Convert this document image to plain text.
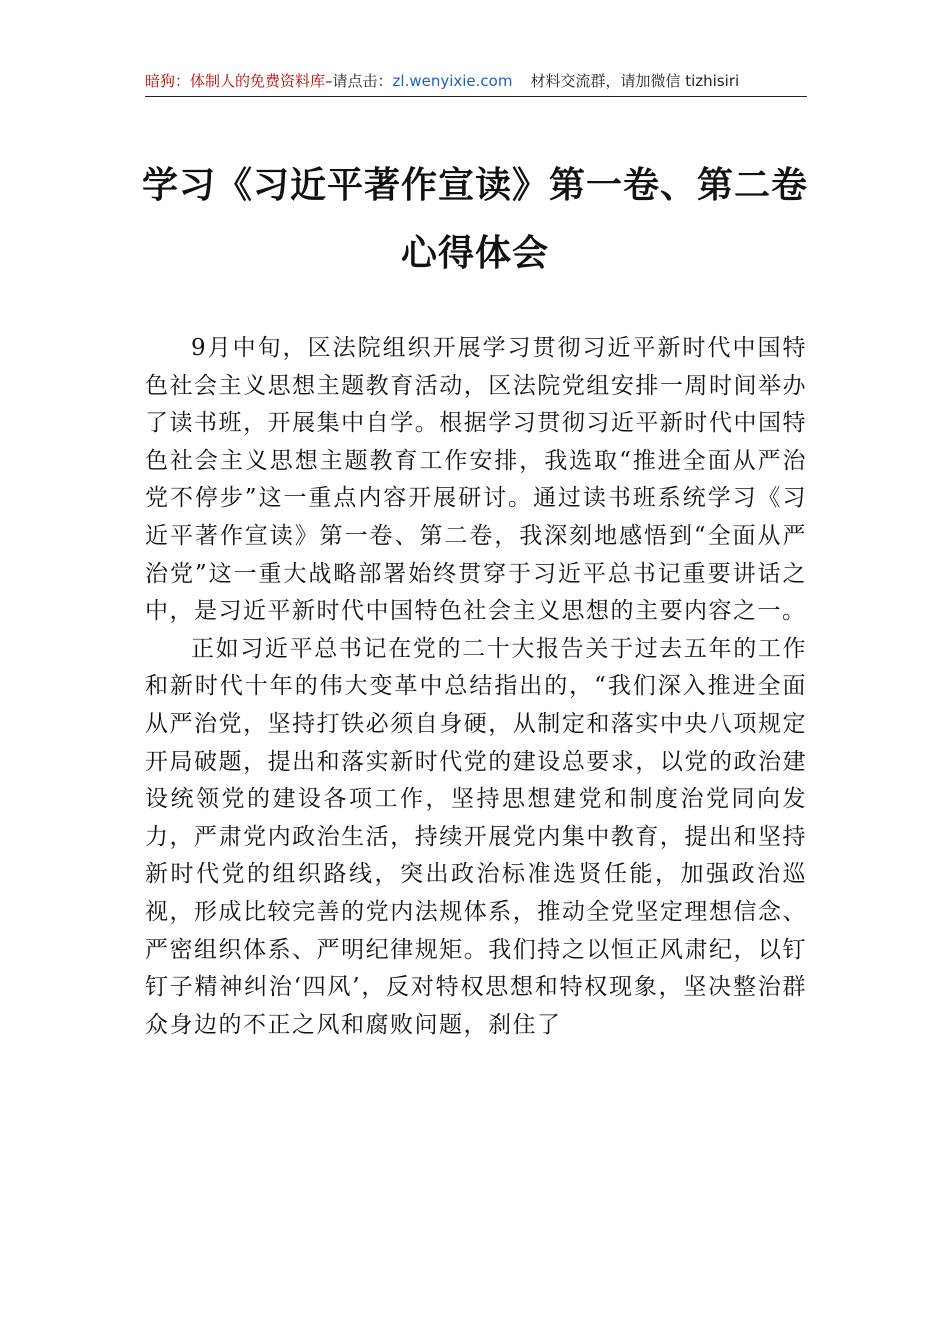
暗狗：体制人的免费资料库–请点击：zl.wenyixie.com 材料交流群，请加微信 tizhisiri
学习《习近平著作宣读》第一卷、第二卷
心得体会

9月中旬，区法院组织开展学习贯彻习近平新时代中国特色社会主义思想主题教育活动，区法院党组安排一周时间举办了读书班，开展集中自学。根据学习贯彻习近平新时代中国特色社会主义思想主题教育工作安排，我选取“推进全面从严治党不停步”这一重点内容开展研讨。通过读书班系统学习《习近平著作宣读》第一卷、第二卷，我深刻地感悟到“全面从严治党”这一重大战略部署始终贯穿于习近平总书记重要讲话之中，是习近平新时代中国特色社会主义思想的主要内容之一。

正如习近平总书记在党的二十大报告关于过去五年的工作和新时代十年的伟大变革中总结指出的，“我们深入推进全面从严治党，坚持打铁必须自身硬，从制定和落实中央八项规定开局破题，提出和落实新时代党的建设总要求，以党的政治建设统领党的建设各项工作，坚持思想建党和制度治党同向发力，严肃党内政治生活，持续开展党内集中教育，提出和坚持新时代党的组织路线，突出政治标准选贤任能，加强政治巡视，形成比较完善的党内法规体系，推动全党坚定理想信念、严密组织体系、严明纪律规矩。我们持之以恒正风肃纪，以钉钉子精神纠治‘四风’，反对特权思想和特权现象，坚决整治群众身边的不正之风和腐败问题，刹住了
